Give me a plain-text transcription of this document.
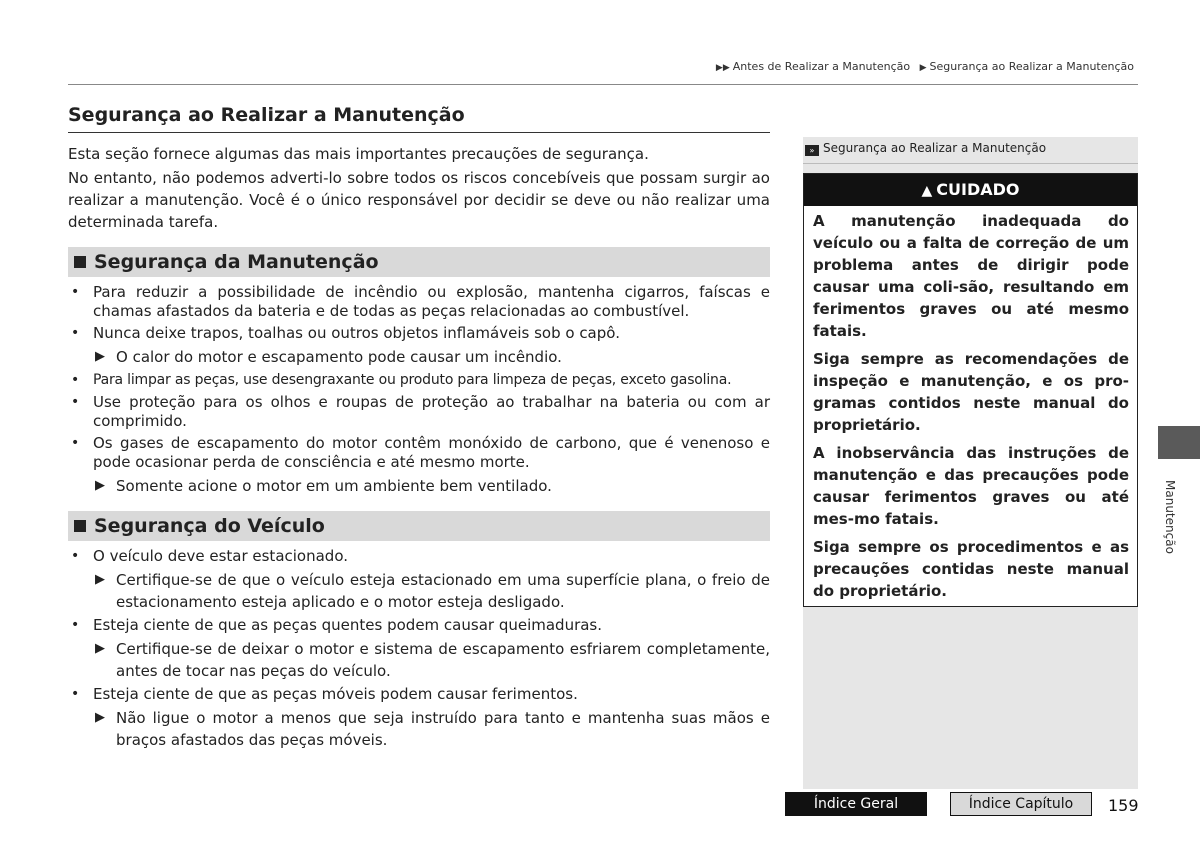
▶▶ Antes de Realizar a Manutenção ▶ Segurança ao Realizar a Manutenção
Segurança ao Realizar a Manutenção

Esta seção fornece algumas das mais importantes precauções de segurança.

No entanto, não podemos adverti-lo sobre todos os riscos concebíveis que possam surgir ao realizar a manutenção. Você é o único responsável por decidir se deve ou não realizar uma determinada tarefa.

Segurança da Manutenção
• Para reduzir a possibilidade de incêndio ou explosão, mantenha cigarros, faíscas e chamas afastados da bateria e de todas as peças relacionadas ao combustível.
• Nunca deixe trapos, toalhas ou outros objetos inflamáveis sob o capô.
▶ O calor do motor e escapamento pode causar um incêndio.
• Para limpar as peças, use desengraxante ou produto para limpeza de peças, exceto gasolina.
• Use proteção para os olhos e roupas de proteção ao trabalhar na bateria ou com ar comprimido.
• Os gases de escapamento do motor contêm monóxido de carbono, que é venenoso e pode ocasionar perda de consciência e até mesmo morte.
▶ Somente acione o motor em um ambiente bem ventilado.
Segurança do Veículo
• O veículo deve estar estacionado.
▶ Certifique-se de que o veículo esteja estacionado em uma superfície plana, o freio de estacionamento esteja aplicado e o motor esteja desligado.
• Esteja ciente de que as peças quentes podem causar queimaduras.
▶ Certifique-se de deixar o motor e sistema de escapamento esfriarem completamente, antes de tocar nas peças do veículo.
• Esteja ciente de que as peças móveis podem causar ferimentos.
▶ Não ligue o motor a menos que seja instruído para tanto e mantenha suas mãos e braços afastados das peças móveis.
» Segurança ao Realizar a Manutenção
▲ CUIDADO

A manutenção inadequada do veículo ou a falta de correção de um problema antes de dirigir pode causar uma coli-são, resultando em ferimentos graves ou até mesmo fatais.

Siga sempre as recomendações de inspeção e manutenção, e os pro-gramas contidos neste manual do proprietário.

A inobservância das instruções de manutenção e das precauções pode causar ferimentos graves ou até mes-mo fatais.

Siga sempre os procedimentos e as precauções contidas neste manual do proprietário.

Manutenção
Índice Geral	Índice Capítulo	159
